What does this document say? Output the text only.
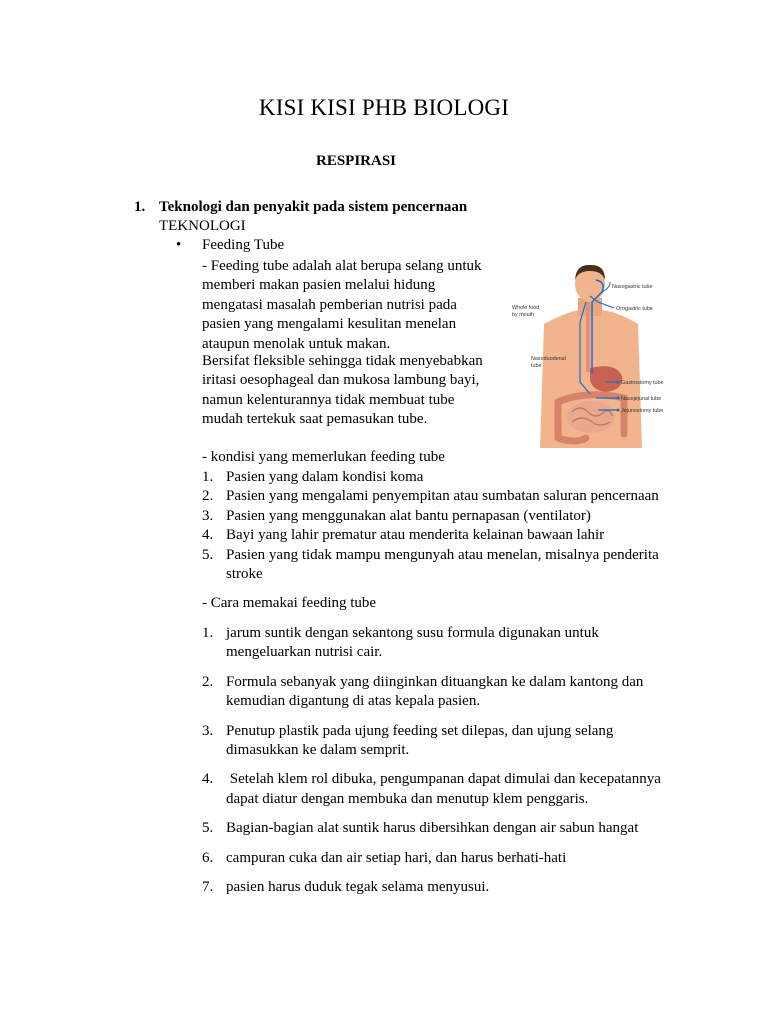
KISI KISI PHB BIOLOGI
RESPIRASI
1. Teknologi dan penyakit pada sistem pencernaan
TEKNOLOGI
• Feeding Tube
- Feeding tube adalah alat berupa selang untuk memberi makan pasien melalui hidung mengatasi masalah pemberian nutrisi pada pasien yang mengalami kesulitan menelan ataupun menolak untuk makan.
Bersifat fleksible sehingga tidak menyebabkan iritasi oesophageal dan mukosa lambung bayi, namun kelenturannya tidak membuat tube mudah tertekuk saat pemasukan tube.
Nasogastric tube
Orogastric tube
Whole food
by mouth
Nasoduodenal
tube
Gastrostomy tube
Nasojejunal tube
Jejunostomy tube
- kondisi yang memerlukan feeding tube
1. Pasien yang dalam kondisi koma
2. Pasien yang mengalami penyempitan atau sumbatan saluran pencernaan
3. Pasien yang menggunakan alat bantu pernapasan (ventilator)
4. Bayi yang lahir prematur atau menderita kelainan bawaan lahir
5. Pasien yang tidak mampu mengunyah atau menelan, misalnya penderita stroke
- Cara memakai feeding tube
1. jarum suntik dengan sekantong susu formula digunakan untuk mengeluarkan nutrisi cair.
2. Formula sebanyak yang diinginkan dituangkan ke dalam kantong dan kemudian digantung di atas kepala pasien.
3. Penutup plastik pada ujung feeding set dilepas, dan ujung selang dimasukkan ke dalam semprit.
4. Setelah klem rol dibuka, pengumpanan dapat dimulai dan kecepatannya dapat diatur dengan membuka dan menutup klem penggaris.
5. Bagian-bagian alat suntik harus dibersihkan dengan air sabun hangat
6. campuran cuka dan air setiap hari, dan harus berhati-hati
7. pasien harus duduk tegak selama menyusui.
